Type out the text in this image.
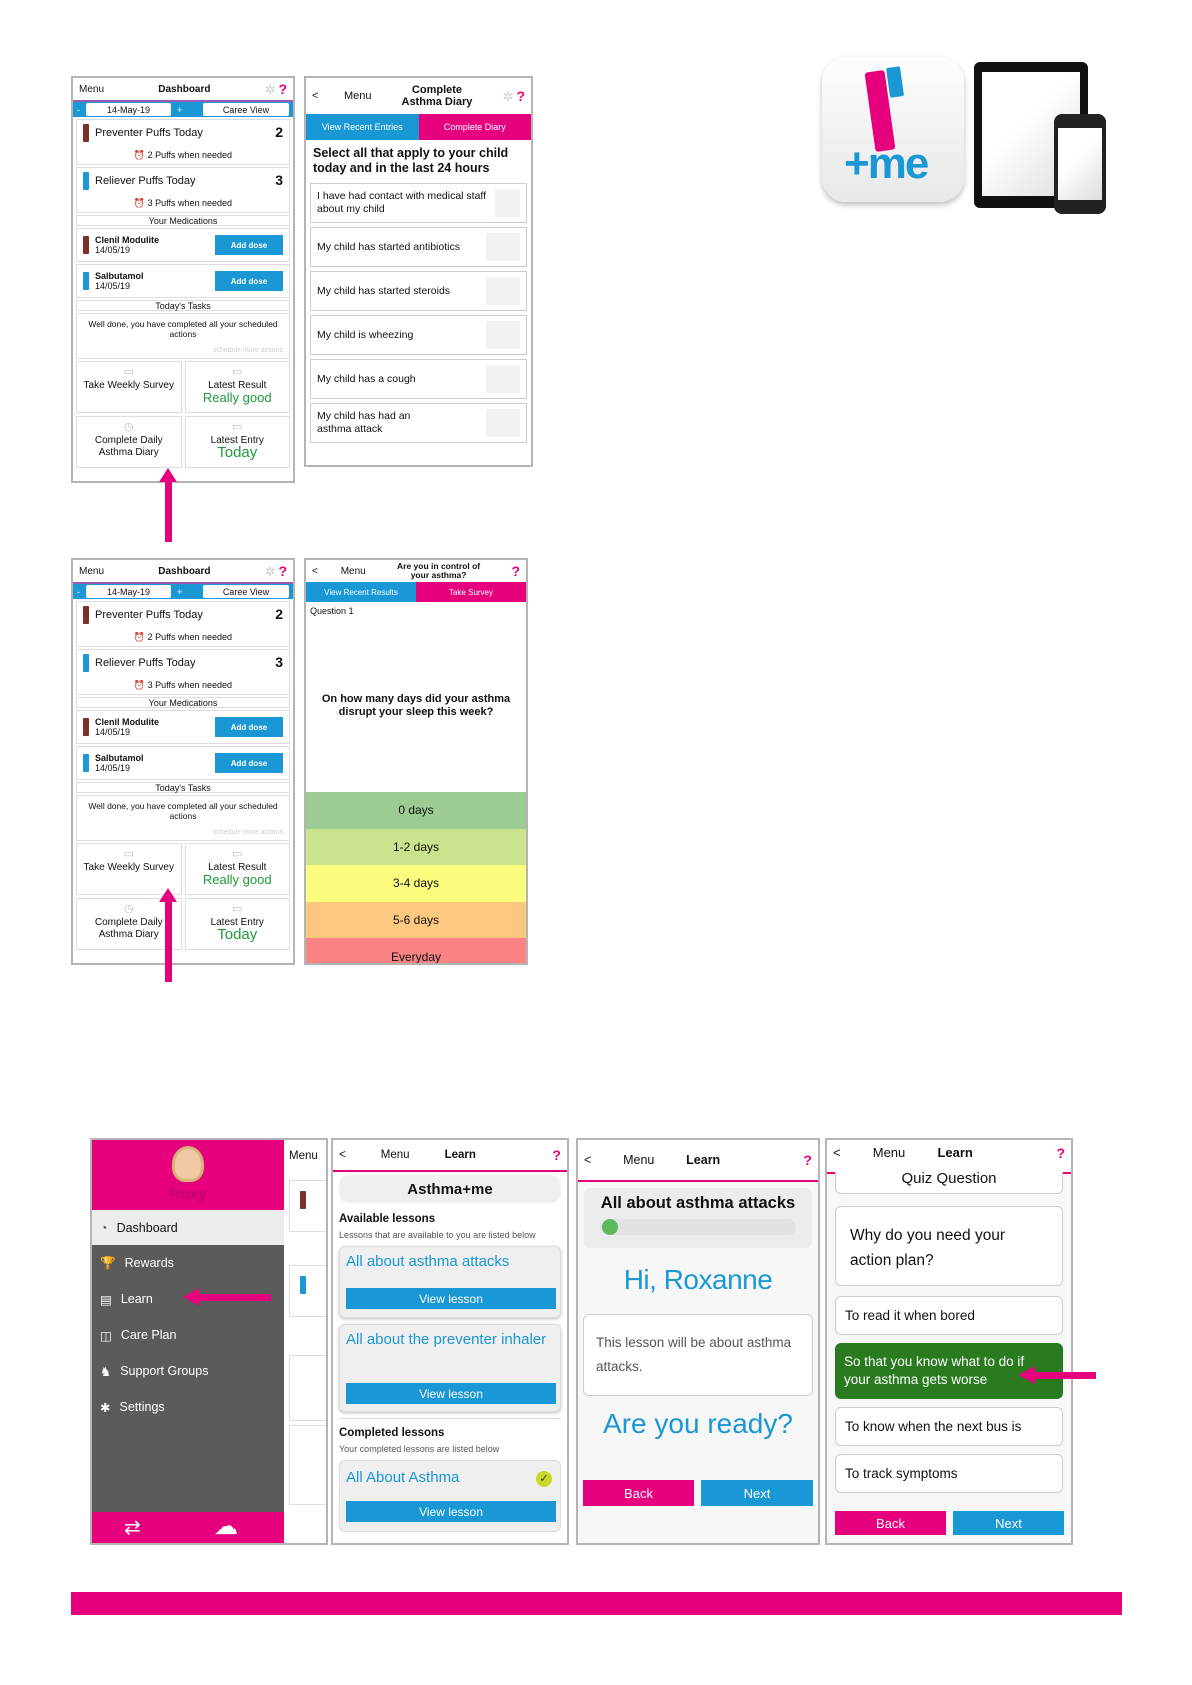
Menu	Dashboard	✲ ?
-	14-May-19	+	Caree View
Preventer Puffs Today	2
⏰ 2 Puffs when needed
Reliever Puffs Today	3
⏰ 3 Puffs when needed
Your Medications
Clenil Modulite
14/05/19	Add dose
Salbutamol
14/05/19	Add dose
Today's Tasks
Well done, you have completed all your scheduled actions
schedule more actions
▭
Take Weekly Survey
▭
Latest Result
Really good
◷
Complete Daily Asthma Diary
▭
Latest Entry
Today
< Menu	Complete Asthma Diary	✲ ?
View Recent Entries	Complete Diary
Select all that apply to your child today and in the last 24 hours
I have had contact with medical staff about my child
My child has started antibiotics
My child has started steroids
My child is wheezing
My child has a cough
My child has had an asthma attack
+me
Menu	Dashboard	✲ ?
-	14-May-19	+	Caree View
Preventer Puffs Today	2
⏰ 2 Puffs when needed
Reliever Puffs Today	3
⏰ 3 Puffs when needed
Your Medications
Clenil Modulite
14/05/19	Add dose
Salbutamol
14/05/19	Add dose
Today's Tasks
Well done, you have completed all your scheduled actions
schedule more actions
▭
Take Weekly Survey
▭
Latest Result
Really good
◷
Complete Daily Asthma Diary
▭
Latest Entry
Today
< Menu	Are you in control of your asthma?	?
View Recent Results	Take Survey
Question 1
On how many days did your asthma disrupt your sleep this week?
0 days
1-2 days
3-4 days
5-6 days
Everyday
Roxy
◔ Dashboard
🏆 Rewards
▤ Learn
◫ Care Plan
♞ Support Groups
✱ Settings
⇄	☁
Menu <	Menu	Learn	?
Asthma+me
Available lessons
Lessons that are available to you are listed below
All about asthma attacks
View lesson
All about the preventer inhaler
View lesson
Completed lessons
Your completed lessons are listed below
All About Asthma	✓
View lesson
<	Menu	Learn	?
All about asthma attacks
Hi, Roxanne
This lesson will be about asthma attacks.
Are you ready?
Back	Next
< Menu Learn	?
Quiz Question
Why do you need your action plan?
To read it when bored
So that you know what to do if your asthma gets worse
To know when the next bus is
To track symptoms
Back	Next
